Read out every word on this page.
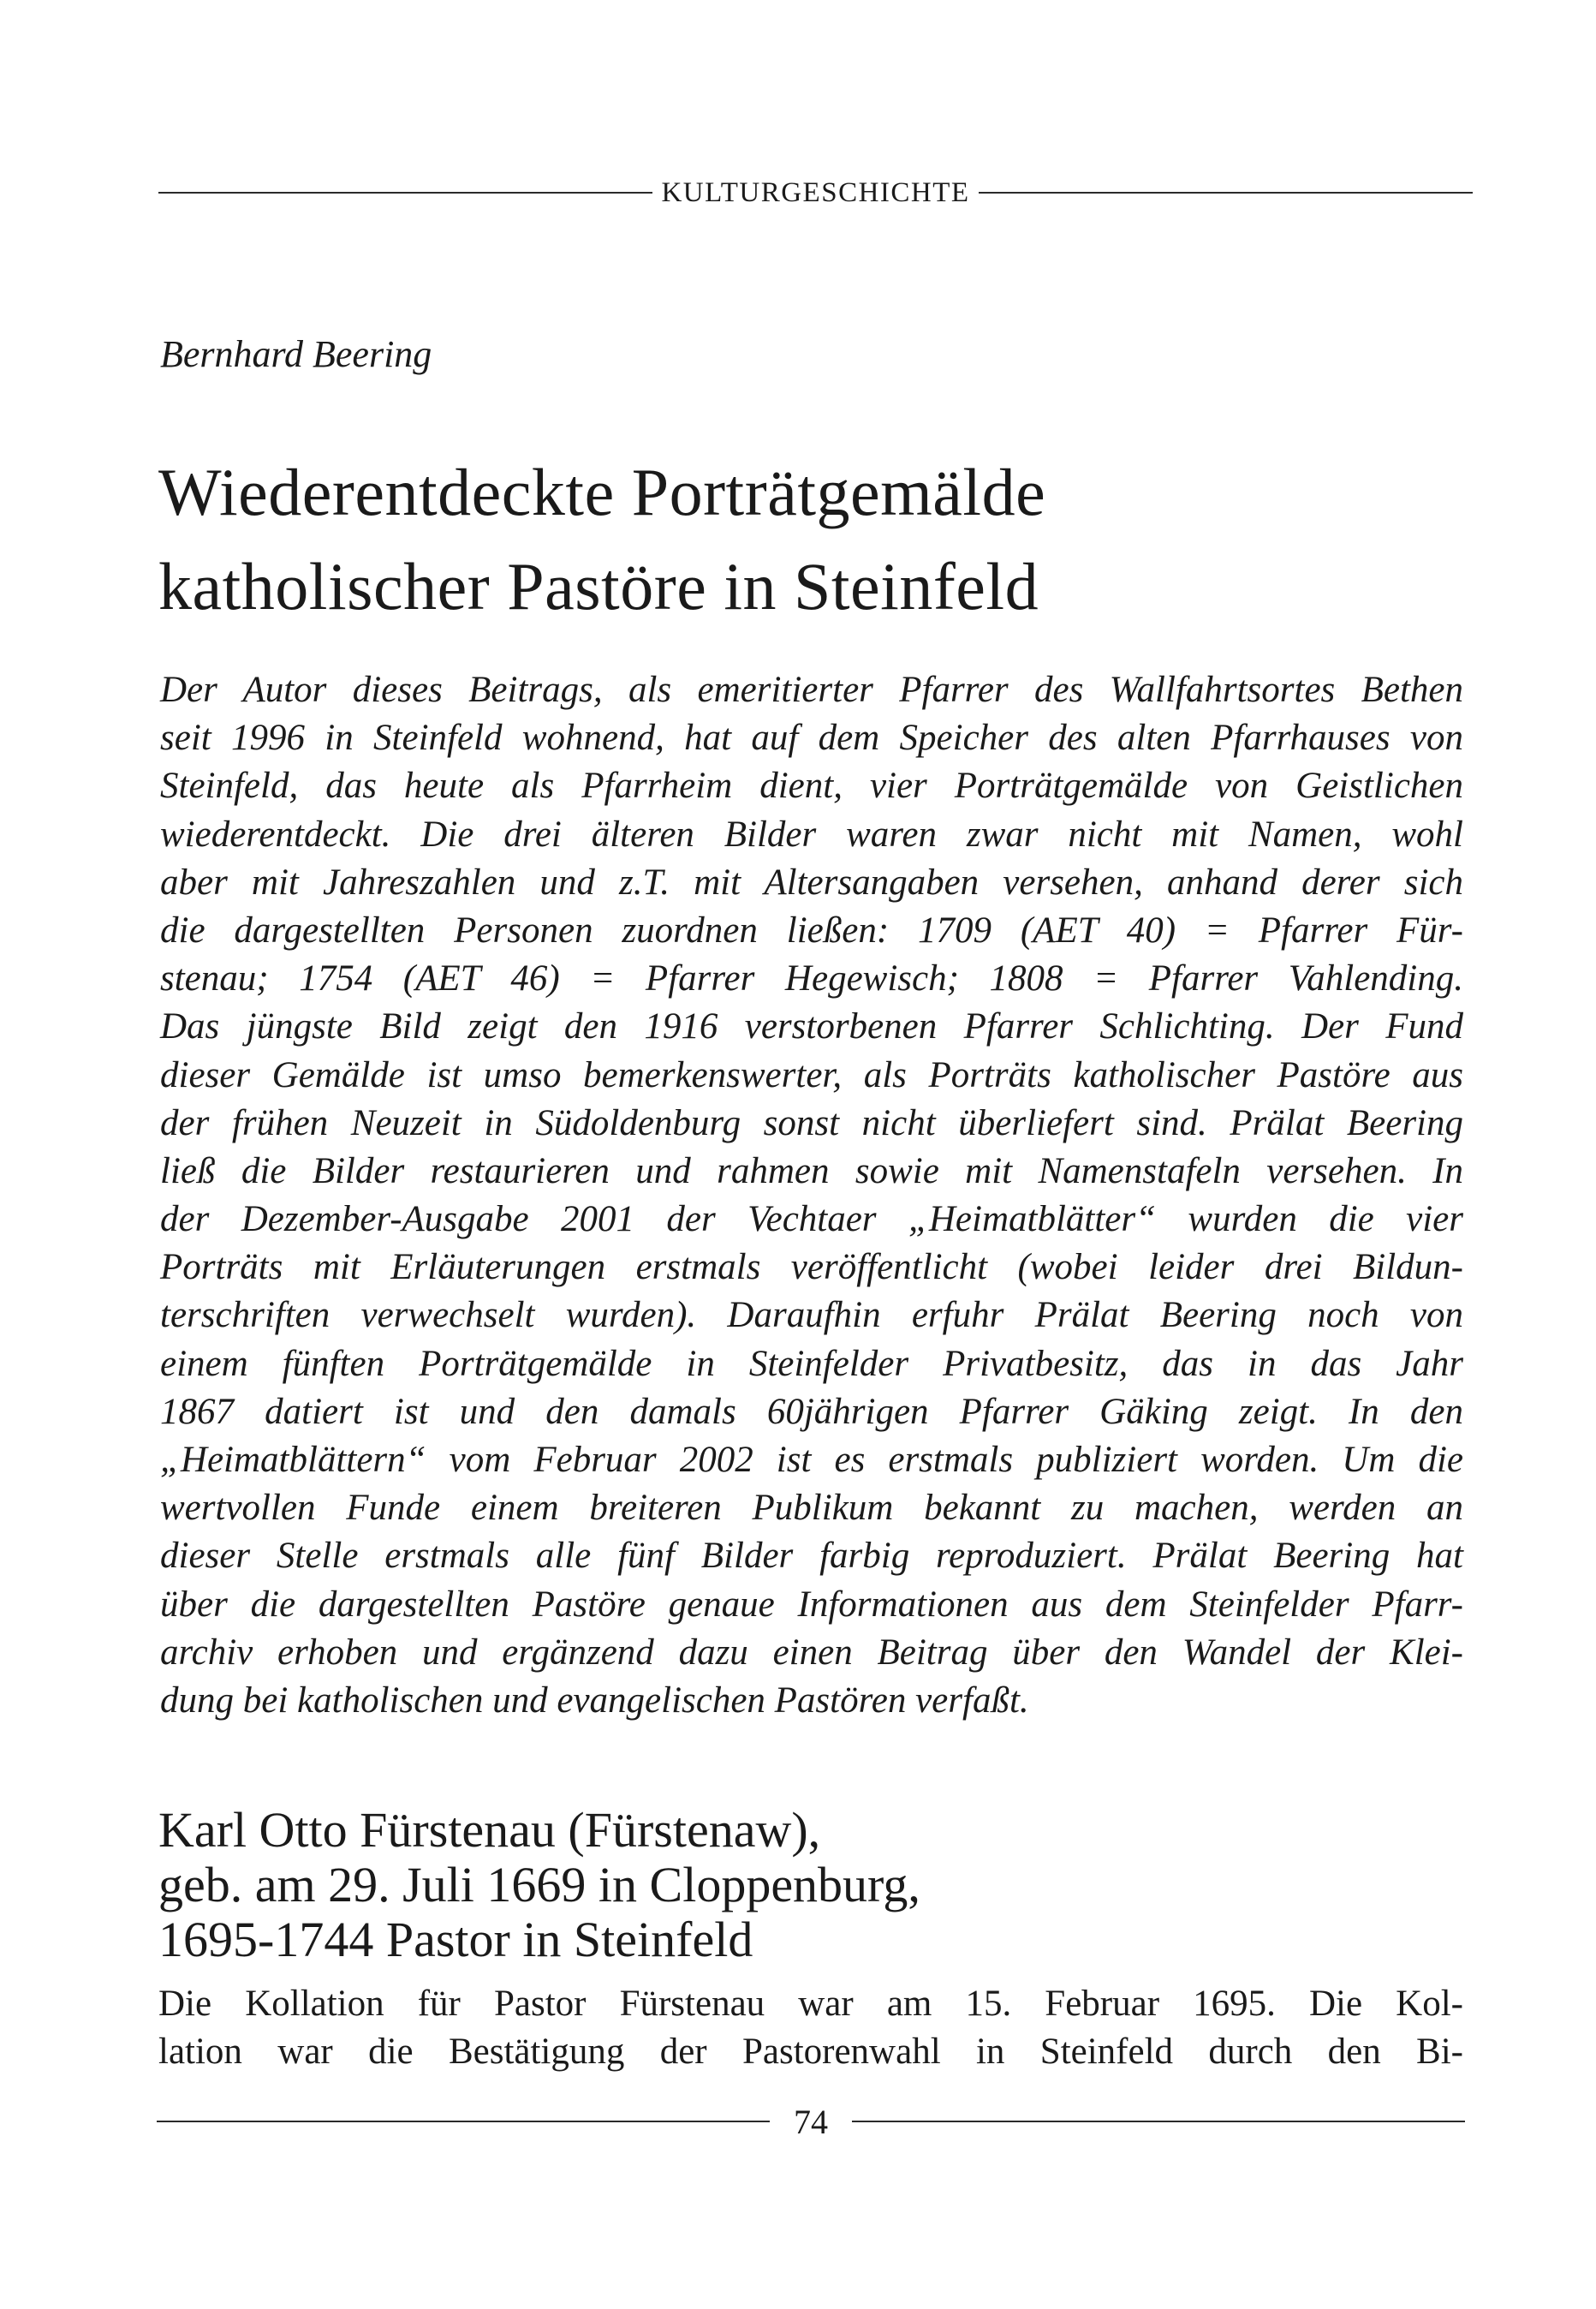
KULTURGESCHICHTE
Bernhard Beering
Wiederentdeckte Porträtgemälde
katholischer Pastöre in Steinfeld
Der Autor dieses Beitrags, als emeritierter Pfarrer des Wallfahrtsortes Bethen
seit 1996 in Steinfeld wohnend, hat auf dem Speicher des alten Pfarrhauses von
Steinfeld, das heute als Pfarrheim dient, vier Porträtgemälde von Geistlichen
wiederentdeckt. Die drei älteren Bilder waren zwar nicht mit Namen, wohl
aber mit Jahreszahlen und z.T. mit Altersangaben versehen, anhand derer sich
die dargestellten Personen zuordnen ließen: 1709 (AET 40) = Pfarrer Für-
stenau; 1754 (AET 46) = Pfarrer Hegewisch; 1808 = Pfarrer Vahlending.
Das jüngste Bild zeigt den 1916 verstorbenen Pfarrer Schlichting. Der Fund
dieser Gemälde ist umso bemerkenswerter, als Porträts katholischer Pastöre aus
der frühen Neuzeit in Südoldenburg sonst nicht überliefert sind. Prälat Beering
ließ die Bilder restaurieren und rahmen sowie mit Namenstafeln versehen. In
der Dezember-Ausgabe 2001 der Vechtaer „Heimatblätter“ wurden die vier
Porträts mit Erläuterungen erstmals veröffentlicht (wobei leider drei Bildun-
terschriften verwechselt wurden). Daraufhin erfuhr Prälat Beering noch von
einem fünften Porträtgemälde in Steinfelder Privatbesitz, das in das Jahr
1867 datiert ist und den damals 60jährigen Pfarrer Gäking zeigt. In den
„Heimatblättern“ vom Februar 2002 ist es erstmals publiziert worden. Um die
wertvollen Funde einem breiteren Publikum bekannt zu machen, werden an
dieser Stelle erstmals alle fünf Bilder farbig reproduziert. Prälat Beering hat
über die dargestellten Pastöre genaue Informationen aus dem Steinfelder Pfarr-
archiv erhoben und ergänzend dazu einen Beitrag über den Wandel der Klei-
dung bei katholischen und evangelischen Pastören verfaßt.
Karl Otto Fürstenau (Fürstenaw),
geb. am 29. Juli 1669 in Cloppenburg,
1695-1744 Pastor in Steinfeld
Die Kollation für Pastor Fürstenau war am 15. Februar 1695. Die Kol-
lation war die Bestätigung der Pastorenwahl in Steinfeld durch den Bi-
74
